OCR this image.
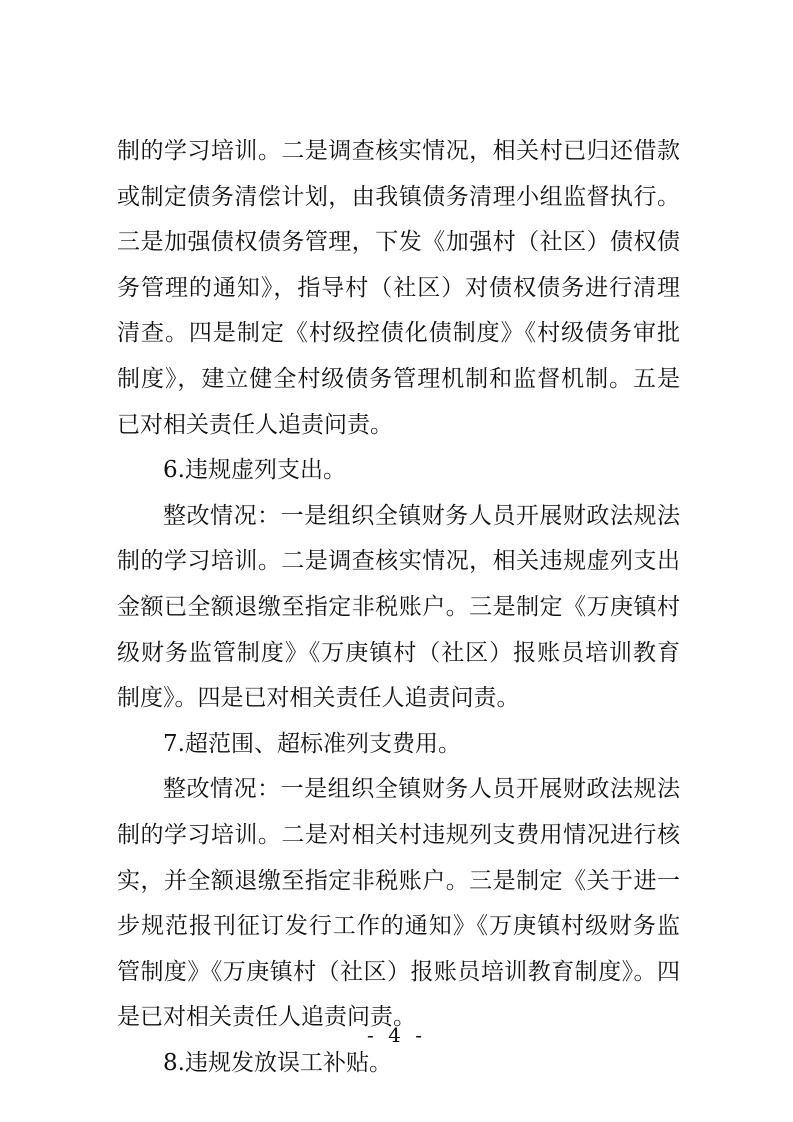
制的学习培训。二是调查核实情况，相关村已归还借款
或制定债务清偿计划，由我镇债务清理小组监督执行。
三是加强债权债务管理，下发《加强村（社区）债权债
务管理的通知》，指导村（社区）对债权债务进行清理
清查。四是制定《村级控债化债制度》《村级债务审批
制度》，建立健全村级债务管理机制和监督机制。五是
已对相关责任人追责问责。
6.违规虚列支出。
整改情况：一是组织全镇财务人员开展财政法规法
制的学习培训。二是调查核实情况，相关违规虚列支出
金额已全额退缴至指定非税账户。三是制定《万庚镇村
级财务监管制度》《万庚镇村（社区）报账员培训教育
制度》。四是已对相关责任人追责问责。
7.超范围、超标准列支费用。
整改情况：一是组织全镇财务人员开展财政法规法
制的学习培训。二是对相关村违规列支费用情况进行核
实，并全额退缴至指定非税账户。三是制定《关于进一
步规范报刊征订发行工作的通知》《万庚镇村级财务监
管制度》《万庚镇村（社区）报账员培训教育制度》。四
是已对相关责任人追责问责。
8.违规发放误工补贴。
- 4 -
